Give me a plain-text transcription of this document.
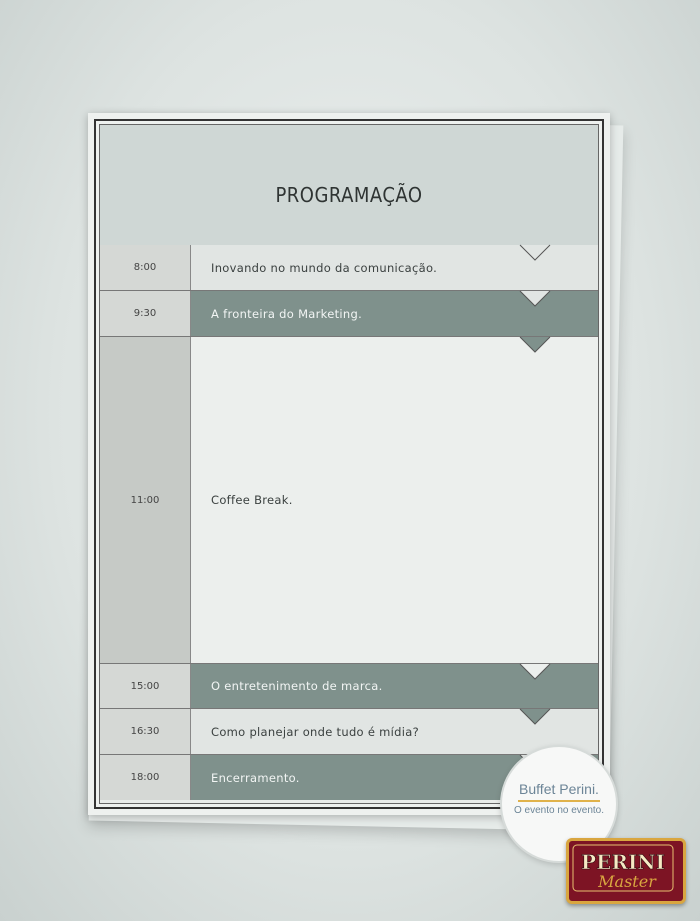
PROGRAMAÇÃO
8:00	Inovando no mundo da comunicação.
9:30	A fronteira do Marketing.
11:00	Coffee Break.
15:00	O entretenimento de marca.
16:30	Como planejar onde tudo é mídia?
18:00	Encerramento.
Buffet Perini.
O evento no evento.
PERINI
Master
